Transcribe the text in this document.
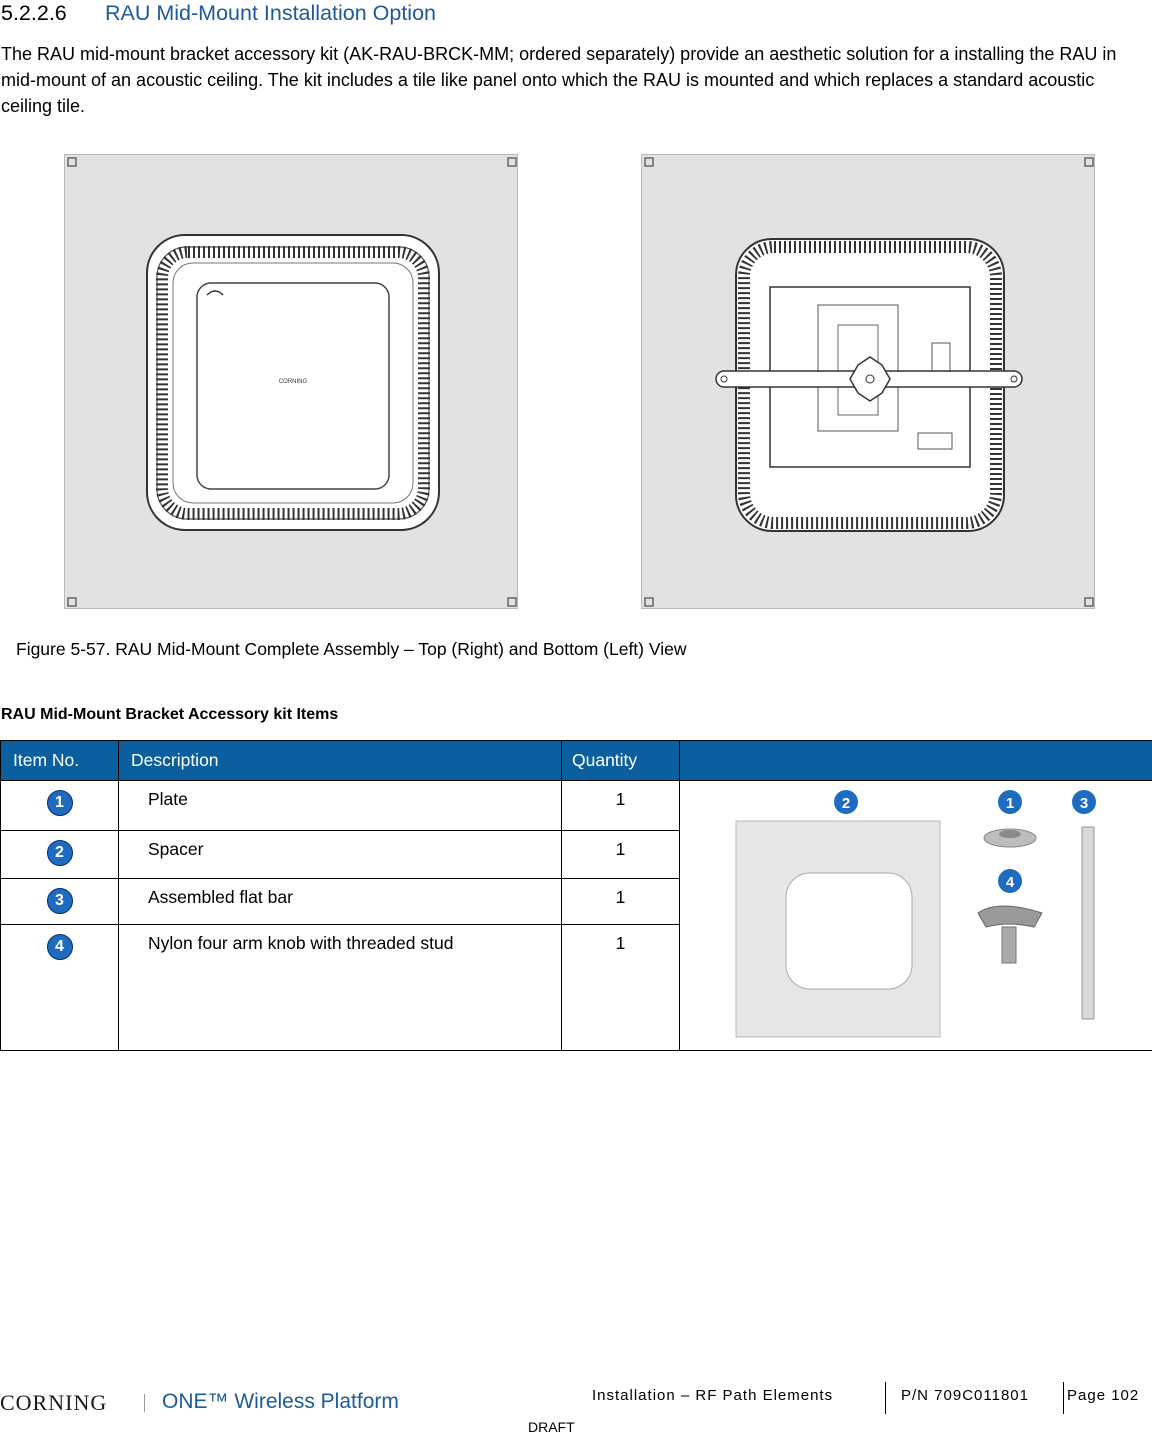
5.2.2.6 RAU Mid-Mount Installation Option
The RAU mid-mount bracket accessory kit (AK-RAU-BRCK-MM; ordered separately) provide an aesthetic solution for a installing the RAU in mid-mount of an acoustic ceiling. The kit includes a tile like panel onto which the RAU is mounted and which replaces a standard acoustic ceiling tile.
CORNING
Figure 5-57. RAU Mid-Mount Complete Assembly – Top (Right) and Bottom (Left) View
RAU Mid-Mount Bracket Accessory kit Items
Item No.	Description	Quantity	

1	Plate	1	2 1 3
4

2	Spacer	1	

3	Assembled flat bar	1	

4	Nylon four arm knob with threaded stud	1	
CORNING	ONE™ Wireless Platform	Installation – RF Path Elements	P/N 709C011801	Page 102
DRAFT
